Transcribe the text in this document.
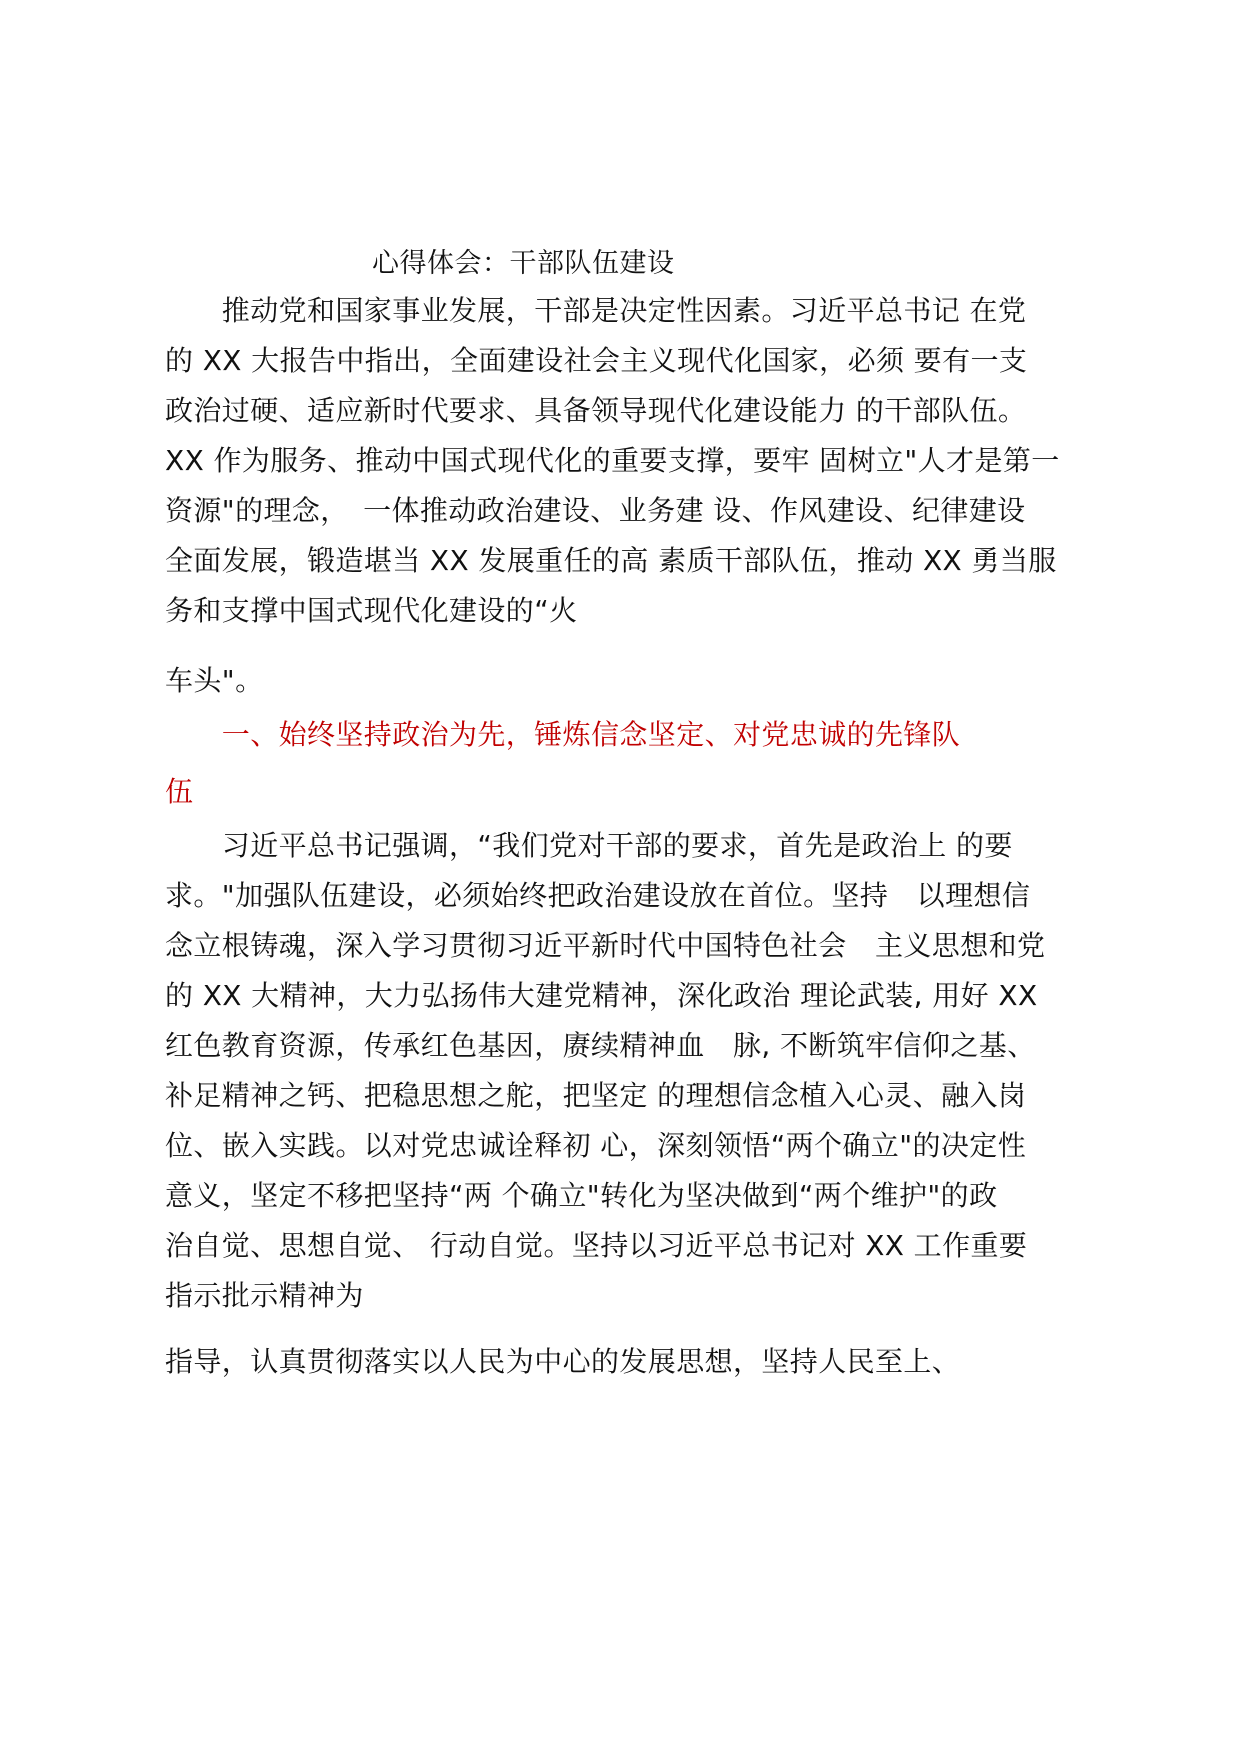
心得体会：干部队伍建设
　　推动党和国家事业发展，干部是决定性因素。习近平总书记 在党
的 XX 大报告中指出，全面建设社会主义现代化国家，必须 要有一支
政治过硬、适应新时代要求、具备领导现代化建设能力 的干部队伍。
XX 作为服务、推动中国式现代化的重要支撑，要牢 固树立"人才是第一
资源"的理念，　一体推动政治建设、业务建 设、作风建设、纪律建设
全面发展，锻造堪当 XX 发展重任的高 素质干部队伍，推动 XX 勇当服
务和支撑中国式现代化建设的“火
车头"。
　　一、始终坚持政治为先，锤炼信念坚定、对党忠诚的先锋队
伍
　　习近平总书记强调，“我们党对干部的要求，首先是政治上 的要
求。"加强队伍建设，必须始终把政治建设放在首位。坚持　以理想信
念立根铸魂，深入学习贯彻习近平新时代中国特色社会　主义思想和党
的 XX 大精神，大力弘扬伟大建党精神，深化政治 理论武装, 用好 XX
红色教育资源，传承红色基因，赓续精神血　脉, 不断筑牢信仰之基、
补足精神之钙、把稳思想之舵，把坚定 的理想信念植入心灵、融入岗
位、嵌入实践。以对党忠诚诠释初 心，深刻领悟“两个确立"的决定性
意义，坚定不移把坚持“两 个确立"转化为坚决做到“两个维护"的政
治自觉、思想自觉、 行动自觉。坚持以习近平总书记对 XX 工作重要
指示批示精神为
指导，认真贯彻落实以人民为中心的发展思想，坚持人民至上、
